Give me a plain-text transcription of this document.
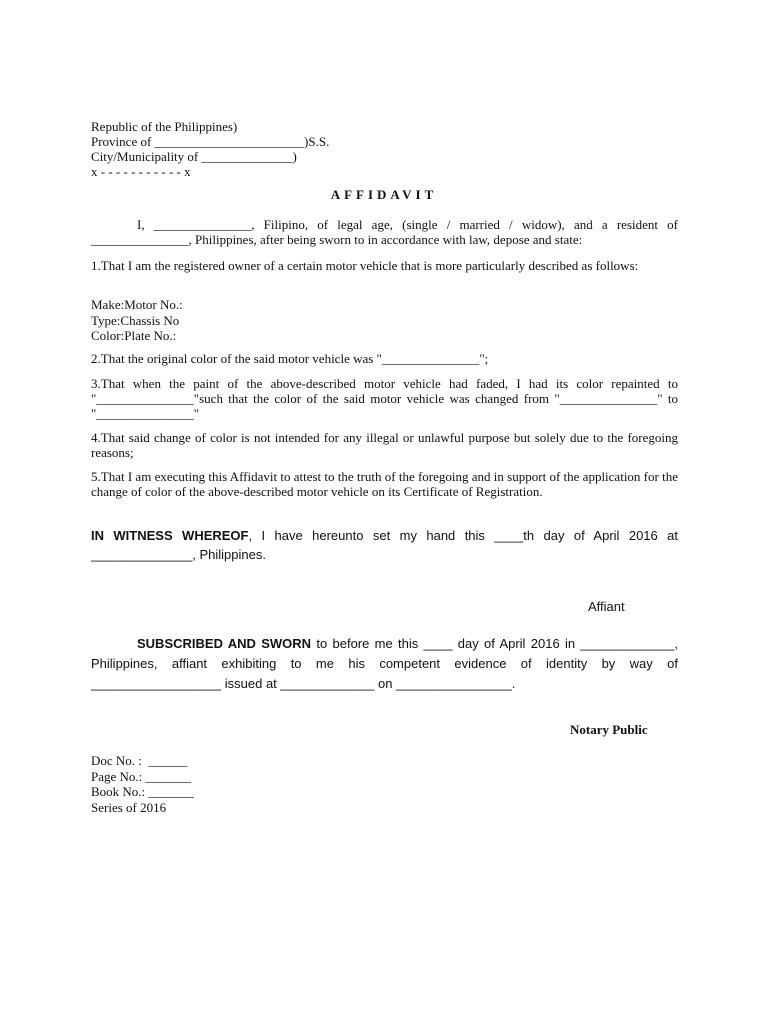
Republic of the Philippines)
Province of _______________________)S.S.
City/Municipality of ______________)
x - - - - - - - - - - - x
AFFIDAVIT

I, _______________, Filipino, of legal age, (single / married / widow), and a resident of _______________, Philippines, after being sworn to in accordance with law, depose and state:

1.That I am the registered owner of a certain motor vehicle that is more particularly described as follows:

Make:Motor No.:
Type:Chassis No
Color:Plate No.:

2.That the original color of the said motor vehicle was "_______________";

3.That when the paint of the above-described motor vehicle had faded, I had its color repainted to "_______________"such that the color of the said motor vehicle was changed from "_______________" to "_______________"

4.That said change of color is not intended for any illegal or unlawful purpose but solely due to the foregoing reasons;

5.That I am executing this Affidavit to attest to the truth of the foregoing and in support of the application for the change of color of the above-described motor vehicle on its Certificate of Registration.

IN WITNESS WHEREOF, I have hereunto set my hand this ____th day of April 2016 at ______________, Philippines.

Affiant

SUBSCRIBED AND SWORN to before me this ____ day of April 2016 in _____________, Philippines, affiant exhibiting to me his competent evidence of identity by way of __________________ issued at _____________ on ________________.

Notary Public
Doc No. :  ______
Page No.: _______
Book No.: _______
Series of 2016
